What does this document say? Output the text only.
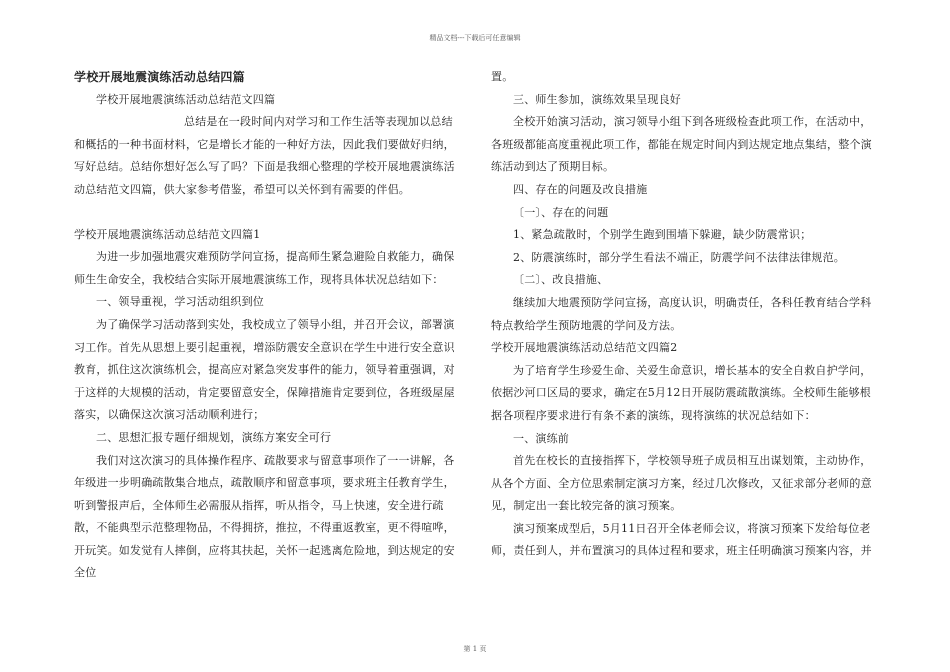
精品文档---下载后可任意编辑

学校开展地震演练活动总结四篇

学校开展地震演练活动总结范文四篇

总结是在一段时间内对学习和工作生活等表现加以总结和概括的一种书面材料，它是增长才能的一种好方法，因此我们要做好归纳，写好总结。总结你想好怎么写了吗？下面是我细心整理的学校开展地震演练活动总结范文四篇，供大家参考借鉴，希望可以关怀到有需要的伴侣。

学校开展地震演练活动总结范文四篇1

为进一步加强地震灾难预防学问宣扬，提高师生紧急避险自救能力，确保师生生命安全，我校结合实际开展地震演练工作，现将具体状况总结如下：

一、领导重视，学习活动组织到位

为了确保学习活动落到实处，我校成立了领导小组，并召开会议，部署演习工作。首先从思想上要引起重视，增添防震安全意识在学生中进行安全意识教育，抓住这次演练机会，提高应对紧急突发事件的能力，领导着重强调，对于这样的大规模的活动，肯定要留意安全，保障措施肯定要到位，各班级屋屋落实，以确保这次演习活动顺利进行；

二、思想汇报专题仔细规划，演练方案安全可行

我们对这次演习的具体操作程序、疏散要求与留意事项作了一一讲解，各年级进一步明确疏散集合地点，疏散顺序和留意事项，要求班主任教育学生，听到警报声后，全体师生必需服从指挥，听从指令，马上快速，安全进行疏散，不能典型示范整理物品，不得拥挤，推拉，不得重返教室，更不得喧哗，开玩笑。如发觉有人摔倒，应将其扶起，关怀一起逃离危险地，到达规定的安全位

置。

三、师生参加，演练效果呈现良好

全校开始演习活动，演习领导小组下到各班级检查此项工作，在活动中，各班级都能高度重视此项工作，都能在规定时间内到达规定地点集结，整个演练活动到达了预期目标。

四、存在的问题及改良措施

〔一〕、存在的问题

1、紧急疏散时，个别学生跑到围墙下躲避，缺少防震常识；

2、防震演练时，部分学生看法不端正，防震学问不法律法律规范。

〔二〕、改良措施、

继续加大地震预防学问宣扬，高度认识，明确责任，各科任教育结合学科特点教给学生预防地震的学问及方法。

学校开展地震演练活动总结范文四篇2

为了培育学生珍爱生命、关爱生命意识，增长基本的安全自救自护学问，依据沙河口区局的要求，确定在5月12日开展防震疏散演练。全校师生能够根据各项程序要求进行有条不紊的演练，现将演练的状况总结如下：

一、演练前

首先在校长的直接指挥下，学校领导班子成员相互出谋划策，主动协作，从各个方面、全方位思索制定演习方案，经过几次修改，又征求部分老师的意见，制定出一套比较完备的演习预案。

演习预案成型后，5月11日召开全体老师会议，将演习预案下发给每位老师，责任到人，并布置演习的具体过程和要求，班主任明确演习预案内容，并

第 1 页
